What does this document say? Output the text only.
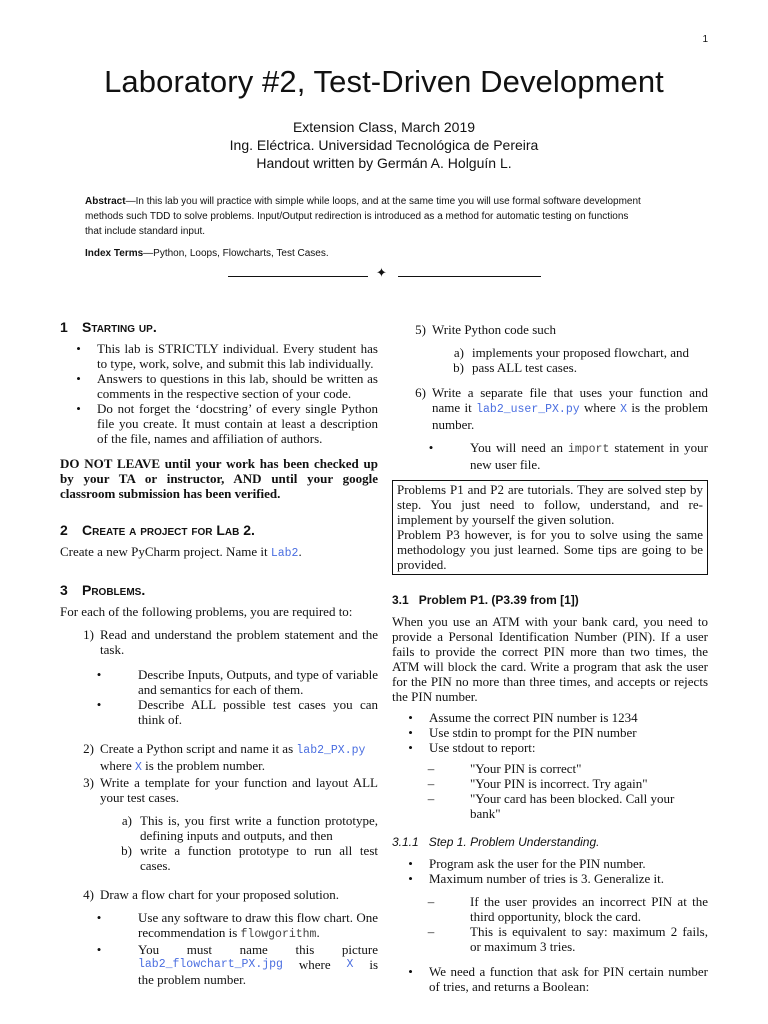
1
Laboratory #2, Test-Driven Development
Extension Class, March 2019
Ing. Eléctrica. Universidad Tecnológica de Pereira
Handout written by Germán A. Holguín L.
Abstract—In this lab you will practice with simple while loops, and at the same time you will use formal software development methods such TDD to solve problems. Input/Output redirection is introduced as a method for automatic testing on functions that include standard input.
Index Terms—Python, Loops, Flowcharts, Test Cases.
✦
1 Starting up.
•	This lab is STRICTLY individual. Every student has to type, work, solve, and submit this lab individually.
•	Answers to questions in this lab, should be written as comments in the respective section of your code.
•	Do not forget the ‘docstring’ of every single Python file you create. It must contain at least a description of the file, names and affiliation of authors.
DO NOT LEAVE until your work has been checked up by your TA or instructor, AND until your google classroom submission has been verified.
2 Create a project for Lab 2.
Create a new PyCharm project. Name it Lab2.
3 Problems.
For each of the following problems, you are required to:
1) Read and understand the problem statement and the task.
•	Describe Inputs, Outputs, and type of variable and semantics for each of them.
•	Describe ALL possible test cases you can think of.
2) Create a Python script and name it as lab2_PX.py
where X is the problem number.
3) Write a template for your function and layout ALL your test cases.
a) This is, you first write a function prototype, defining inputs and outputs, and then
b) write a function prototype to run all test cases.
4) Draw a flow chart for your proposed solution.
•	Use any software to draw this flow chart. One recommendation is flowgorithm.
•	You must name this picture
lab2_flowchart_PX.jpg where X is
the problem number.
5) Write Python code such
a) implements your proposed flowchart, and
b) pass ALL test cases.
6) Write a separate file that uses your function and name it lab2_user_PX.py where X is the problem number.
•	You will need an import statement in your new user file.
Problems P1 and P2 are tutorials. They are solved step by step. You just need to follow, understand, and re-implement by yourself the given solution.
Problem P3 however, is for you to solve using the same methodology you just learned. Some tips are going to be provided.
3.1 Problem P1. (P3.39 from [1])
When you use an ATM with your bank card, you need to provide a Personal Identification Number (PIN). If a user fails to provide the correct PIN more than two times, the ATM will block the card. Write a program that ask the user for the PIN no more than three times, and accepts or rejects the PIN number.
•	Assume the correct PIN number is 1234
•	Use stdin to prompt for the PIN number
•	Use stdout to report:
–	"Your PIN is correct"
–	"Your PIN is incorrect. Try again"
–	"Your card has been blocked. Call your bank"
3.1.1 Step 1. Problem Understanding.
•	Program ask the user for the PIN number.
•	Maximum number of tries is 3. Generalize it.
–	If the user provides an incorrect PIN at the third opportunity, block the card.
–	This is equivalent to say: maximum 2 fails, or maximum 3 tries.
•	We need a function that ask for PIN certain number of tries, and returns a Boolean:
